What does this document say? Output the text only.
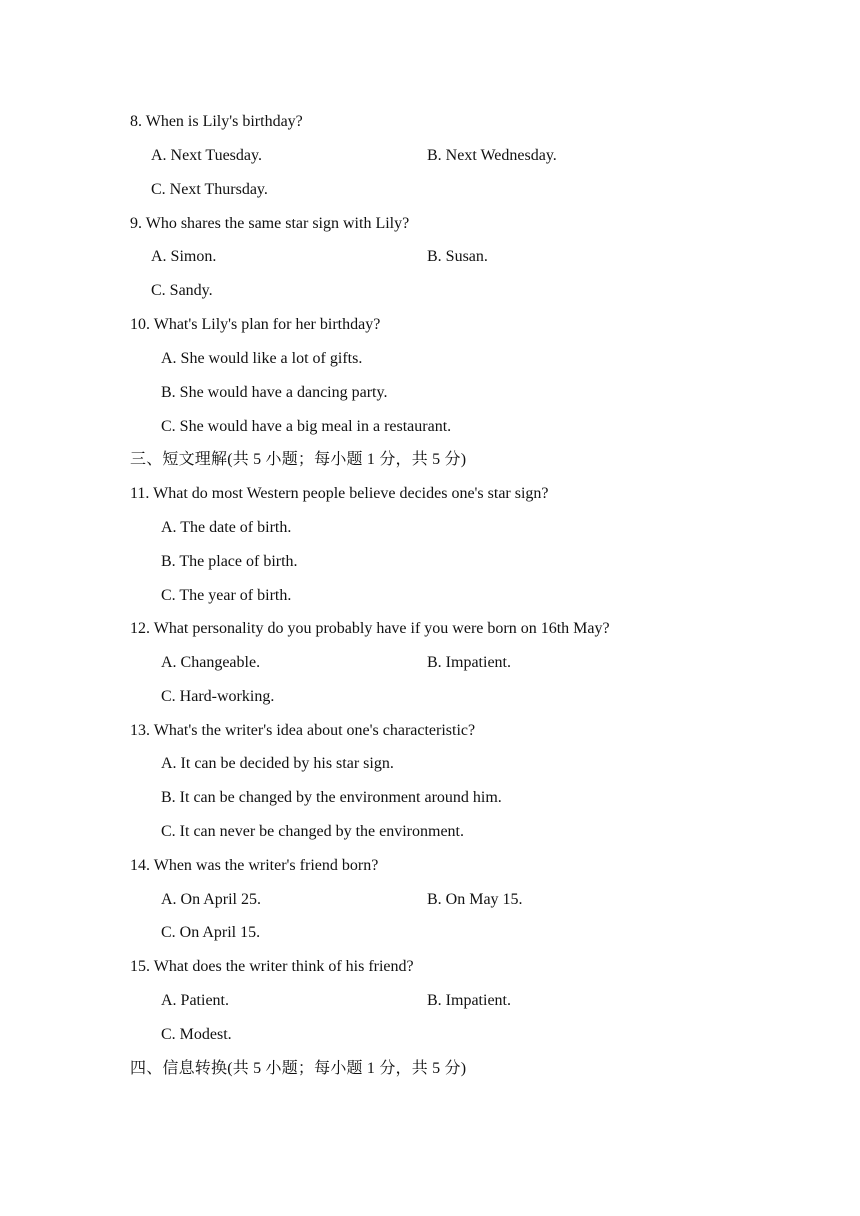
8. When is Lily's birthday?
A. Next Tuesday.	B. Next Wednesday.
C. Next Thursday.
9. Who shares the same star sign with Lily?
A. Simon.	B. Susan.
C. Sandy.
10. What's Lily's plan for her birthday?
A. She would like a lot of gifts.
B. She would have a dancing party.
C. She would have a big meal in a restaurant.
三、短文理解(共 5 小题；每小题 1 分，共 5 分)
11. What do most Western people believe decides one's star sign?
A. The date of birth.
B. The place of birth.
C. The year of birth.
12. What personality do you probably have if you were born on 16th May?
A. Changeable.	B. Impatient.
C. Hard-working.
13. What's the writer's idea about one's characteristic?
A. It can be decided by his star sign.
B. It can be changed by the environment around him.
C. It can never be changed by the environment.
14. When was the writer's friend born?
A. On April 25.	B. On May 15.
C. On April 15.
15. What does the writer think of his friend?
A. Patient.	B. Impatient.
C. Modest.
四、信息转换(共 5 小题；每小题 1 分，共 5 分)
